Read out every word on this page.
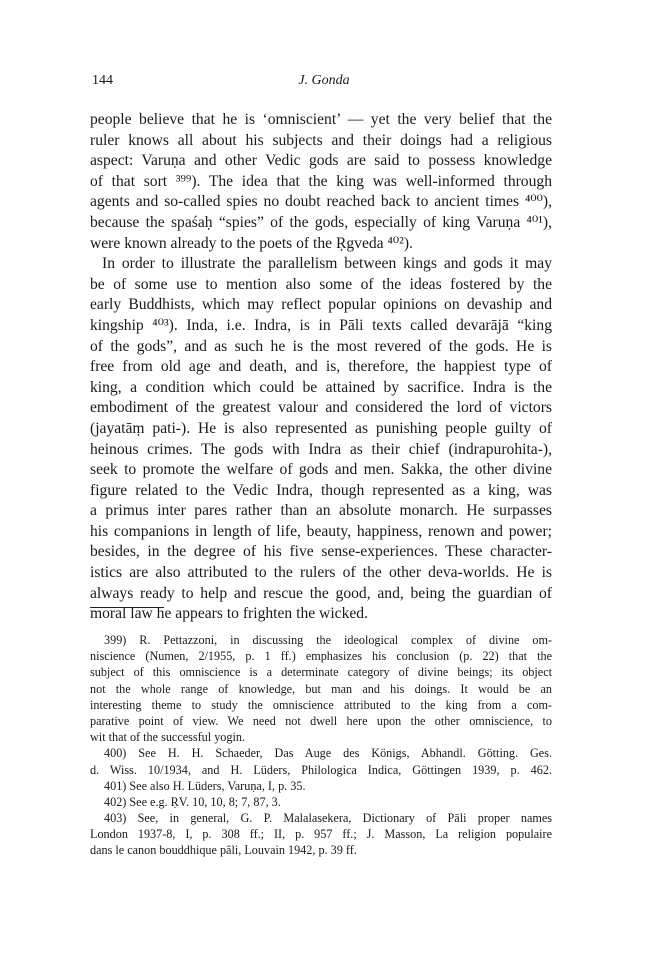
144	J. Gonda
people believe that he is ‘omniscient’ — yet the very belief that the
ruler knows all about his subjects and their doings had a religious
aspect: Varuṇa and other Vedic gods are said to possess knowledge
of that sort ³⁹⁹). The idea that the king was well-informed through
agents and so-called spies no doubt reached back to ancient times ⁴⁰⁰),
because the spaśaḥ “spies” of the gods, especially of king Varuṇa ⁴⁰¹),
were known already to the poets of the Ṛgveda ⁴⁰²).
In order to illustrate the parallelism between kings and gods it may
be of some use to mention also some of the ideas fostered by the
early Buddhists, which may reflect popular opinions on devaship and
kingship ⁴⁰³). Inda, i.e. Indra, is in Pāli texts called devarājā “king
of the gods”, and as such he is the most revered of the gods. He is
free from old age and death, and is, therefore, the happiest type of
king, a condition which could be attained by sacrifice. Indra is the
embodiment of the greatest valour and considered the lord of victors
(jayatāṃ pati-). He is also represented as punishing people guilty of
heinous crimes. The gods with Indra as their chief (indrapurohita-),
seek to promote the welfare of gods and men. Sakka, the other divine
figure related to the Vedic Indra, though represented as a king, was
a primus inter pares rather than an absolute monarch. He surpasses
his companions in length of life, beauty, happiness, renown and power;
besides, in the degree of his five sense-experiences. These character-
istics are also attributed to the rulers of the other deva-worlds. He is
always ready to help and rescue the good, and, being the guardian of
moral law he appears to frighten the wicked.
399) R. Pettazzoni, in discussing the ideological complex of divine om-
niscience (Numen, 2/1955, p. 1 ff.) emphasizes his conclusion (p. 22) that the
subject of this omniscience is a determinate category of divine beings; its object
not the whole range of knowledge, but man and his doings. It would be an
interesting theme to study the omniscience attributed to the king from a com-
parative point of view. We need not dwell here upon the other omniscience, to
wit that of the successful yogin.
400) See H. H. Schaeder, Das Auge des Königs, Abhandl. Götting. Ges.
d. Wiss. 10/1934, and H. Lüders, Philologica Indica, Göttingen 1939, p. 462.
401) See also H. Lüders, Varuṇa, I, p. 35.
402) See e.g. ṚV. 10, 10, 8; 7, 87, 3.
403) See, in general, G. P. Malalasekera, Dictionary of Pāli proper names
London 1937-8, I, p. 308 ff.; II, p. 957 ff.; J. Masson, La religion populaire
dans le canon bouddhique pâli, Louvain 1942, p. 39 ff.
